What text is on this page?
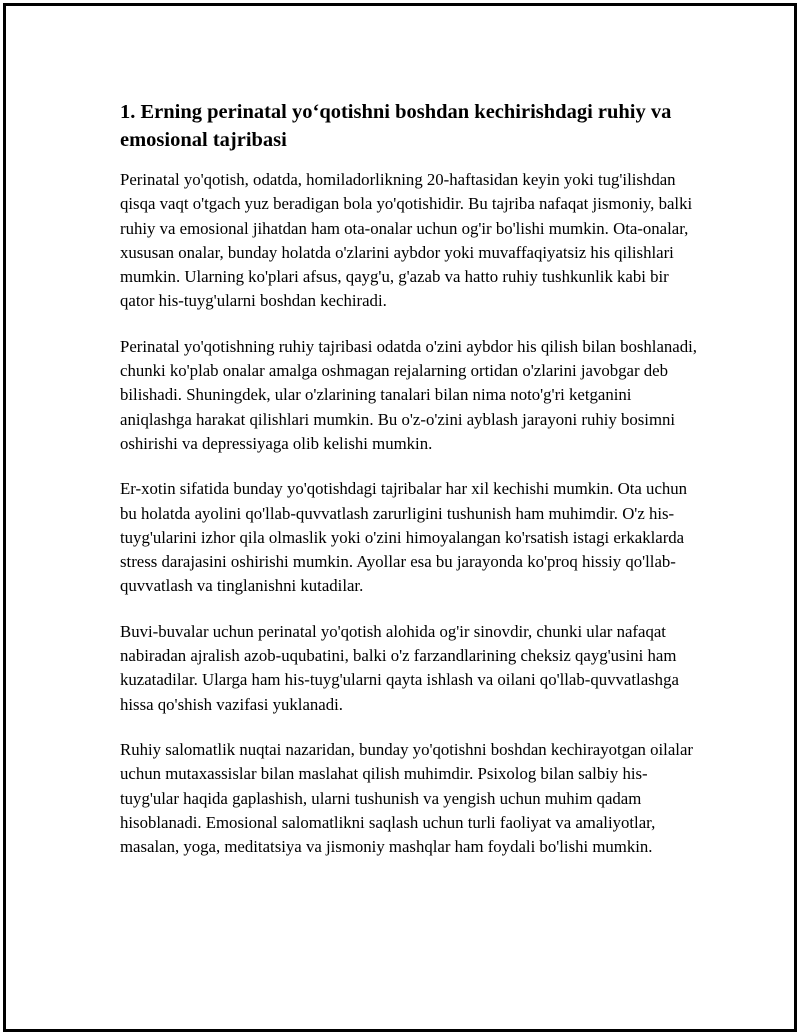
1. Erning perinatal yo‘qotishni boshdan kechirishdagi ruhiy va emosional tajribasi

Perinatal yo'qotish, odatda, homiladorlikning 20-haftasidan keyin yoki tug'ilishdan qisqa vaqt o'tgach yuz beradigan bola yo'qotishidir. Bu tajriba nafaqat jismoniy, balki ruhiy va emosional jihatdan ham ota-onalar uchun og'ir bo'lishi mumkin. Ota-onalar, xususan onalar, bunday holatda o'zlarini aybdor yoki muvaffaqiyatsiz his qilishlari mumkin. Ularning ko'plari afsus, qayg'u, g'azab va hatto ruhiy tushkunlik kabi bir qator his-tuyg'ularni boshdan kechiradi.

Perinatal yo'qotishning ruhiy tajribasi odatda o'zini aybdor his qilish bilan boshlanadi, chunki ko'plab onalar amalga oshmagan rejalarning ortidan o'zlarini javobgar deb bilishadi. Shuningdek, ular o'zlarining tanalari bilan nima noto'g'ri ketganini aniqlashga harakat qilishlari mumkin. Bu o'z-o'zini ayblash jarayoni ruhiy bosimni oshirishi va depressiyaga olib kelishi mumkin.

Er-xotin sifatida bunday yo'qotishdagi tajribalar har xil kechishi mumkin. Ota uchun bu holatda ayolini qo'llab-quvvatlash zarurligini tushunish ham muhimdir. O'z his-tuyg'ularini izhor qila olmaslik yoki o'zini himoyalangan ko'rsatish istagi erkaklarda stress darajasini oshirishi mumkin. Ayollar esa bu jarayonda ko'proq hissiy qo'llab-quvvatlash va tinglanishni kutadilar.

Buvi-buvalar uchun perinatal yo'qotish alohida og'ir sinovdir, chunki ular nafaqat nabiradan ajralish azob-uqubatini, balki o'z farzandlarining cheksiz qayg'usini ham kuzatadilar. Ularga ham his-tuyg'ularni qayta ishlash va oilani qo'llab-quvvatlashga hissa qo'shish vazifasi yuklanadi.

Ruhiy salomatlik nuqtai nazaridan, bunday yo'qotishni boshdan kechirayotgan oilalar uchun mutaxassislar bilan maslahat qilish muhimdir. Psixolog bilan salbiy his-tuyg'ular haqida gaplashish, ularni tushunish va yengish uchun muhim qadam hisoblanadi. Emosional salomatlikni saqlash uchun turli faoliyat va amaliyotlar, masalan, yoga, meditatsiya va jismoniy mashqlar ham foydali bo'lishi mumkin.
